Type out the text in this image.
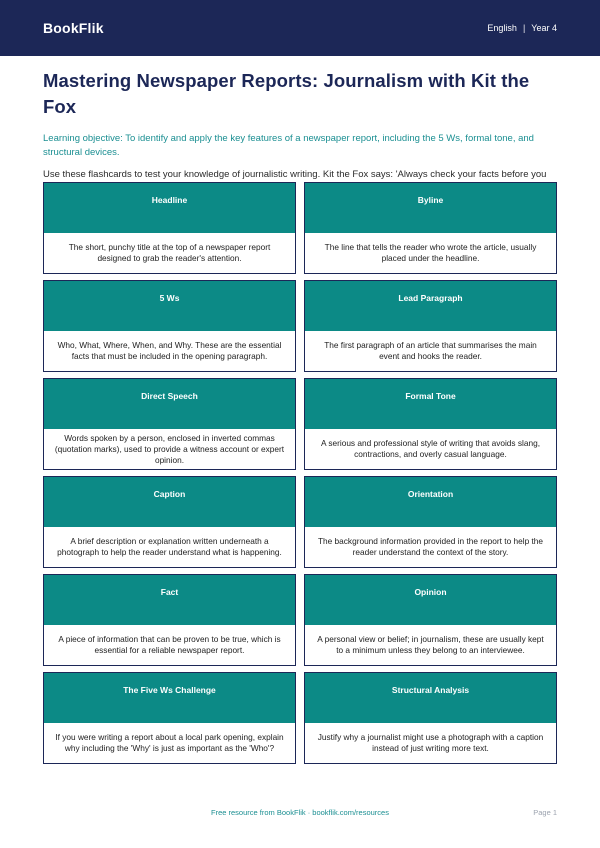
BookFlik	English | Year 4
Mastering Newspaper Reports: Journalism with Kit the Fox

Learning objective: To identify and apply the key features of a newspaper report, including the 5 Ws, formal tone, and structural devices.

Use these flashcards to test your knowledge of journalistic writing. Kit the Fox says: 'Always check your facts before you

Headline
The short, punchy title at the top of a newspaper report designed to grab the reader's attention.
Byline
The line that tells the reader who wrote the article, usually placed under the headline.
5 Ws
Who, What, Where, When, and Why. These are the essential facts that must be included in the opening paragraph.
Lead Paragraph
The first paragraph of an article that summarises the main event and hooks the reader.
Direct Speech
Words spoken by a person, enclosed in inverted commas (quotation marks), used to provide a witness account or expert opinion.
Formal Tone
A serious and professional style of writing that avoids slang, contractions, and overly casual language.
Caption
A brief description or explanation written underneath a photograph to help the reader understand what is happening.
Orientation
The background information provided in the report to help the reader understand the context of the story.
Fact
A piece of information that can be proven to be true, which is essential for a reliable newspaper report.
Opinion
A personal view or belief; in journalism, these are usually kept to a minimum unless they belong to an interviewee.
The Five Ws Challenge
If you were writing a report about a local park opening, explain why including the 'Why' is just as important as the 'Who'?
Structural Analysis
Justify why a journalist might use a photograph with a caption instead of just writing more text.
Free resource from BookFlik · bookflik.com/resources	Page 1
